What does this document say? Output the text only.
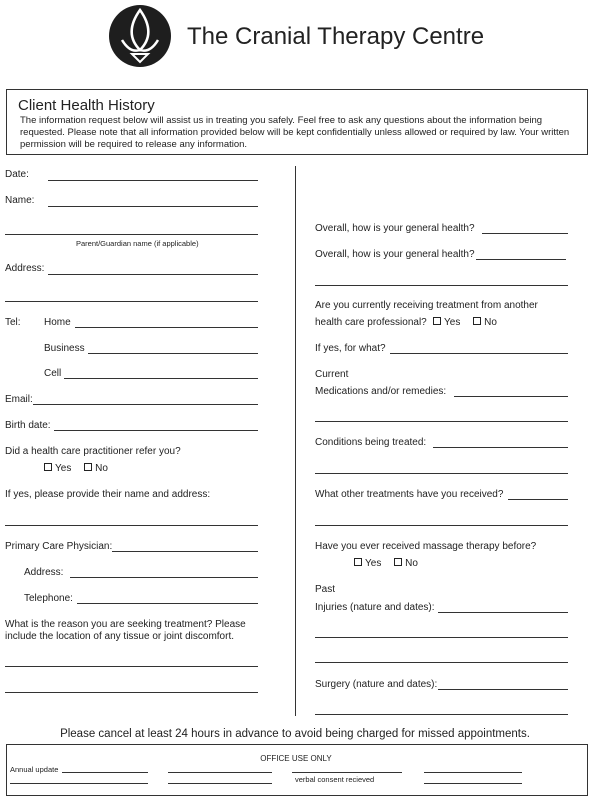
The Cranial Therapy Centre
Client Health History
The information request below will assist us in treating you safely. Feel free to ask any questions about the information being
requested. Please note that all information provided below will be kept confidentially unless allowed or required by law. Your written
permission will be required to release any information.
Date:
Name:
Parent/Guardian name (if applicable)
Address:
Tel: Home
Business
Cell
Email:
Birth date:
Did a health care practitioner refer you?
Yes No
If yes, please provide their name and address:
Primary Care Physician:
Address:
Telephone:
What is the reason you are seeking treatment? Please
include the location of any tissue or joint discomfort.
Overall, how is your general health?
Overall, how is your general health?
Are you currently receiving treatment from another
health care professional?	Yes No
If yes, for what?
Current
Medications and/or remedies:
Conditions being treated:
What other treatments have you received?
Have you ever received massage therapy before?
Yes No
Past
Injuries (nature and dates):
Surgery (nature and dates):
Please cancel at least 24 hours in advance to avoid being charged for missed appointments.
OFFICE USE ONLY
Annual update
verbal consent recieved
